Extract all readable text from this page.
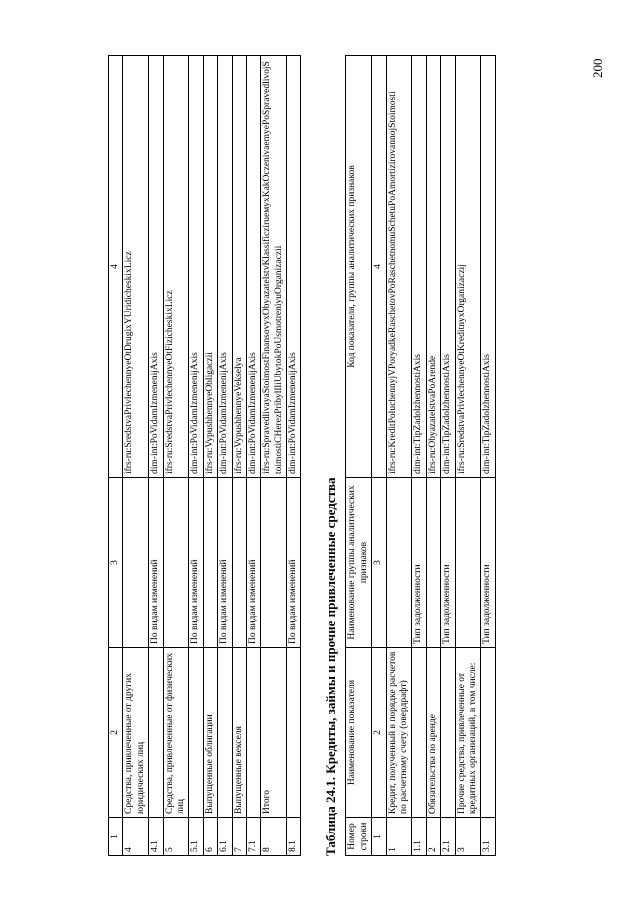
200
1	2	3	4
4	Средства, привлеченные от других юридических лиц		ifrs-ru:SredstvaPrivlechennyeOtDrugixYUridicheskixLicz
4.1		По видам изменений	dim-int:PoVidamIzmenenijAxis
5	Средства, привлеченные от физических лиц		ifrs-ru:SredstvaPrivlechennyeOtFizicheskixLicz
5.1		По видам изменений	dim-int:PoVidamIzmenenijAxis
6	Выпущенные облигации		ifrs-ru:VypushhennyeObligaczii
6.1		По видам изменений	dim-int:PoVidamIzmenenijAxis
7	Выпущенные векселя		ifrs-ru:VypushhennyeVekselya
7.1		По видам изменений	dim-int:PoVidamIzmenenijAxis
8	Итого		ifrs-ru:SpravedlivayaStoimostFinansovyxObyazatelstvKlassificzirueмyxKakOczenivaemyePoSpravedlivojStoimostiCHerezPribylIliUbytokPoUsmotreniyuOrganizaczii
8.1		По видам изменений	dim-int:PoVidamIzmenenijAxis
Таблица 24.1. Кредиты, займы и прочие привлеченные средства Номер строки	Наименование показателя	Наименование группы аналитических признаков	Код показателя, группы аналитических признаков
1	2	3	4
1	Кредит, полученный в порядке расчетов по расчетному счету (овердрафт)		ifrs-ru:KreditPoluchennyjVPoryadkeRaschetovPoRaschetnomuSchetuPoAmortizirovannojStoimosti
1.1		Тип задолженности	dim-int:TipZadolzhennostiAxis
2	Обязательства по аренде		ifrs-ru:ObyazatelstvaPoArende
2.1		Тип задолженности	dim-int:TipZadolzhennostiAxis
3	Прочие средства, привлеченные от кредитных организаций, в том числе:		ifrs-ru:SredstvaPrivlechennyeOtKreditnyxOrganizaczij
3.1		Тип задолженности	dim-int:TipZadolzhennostiAxis
